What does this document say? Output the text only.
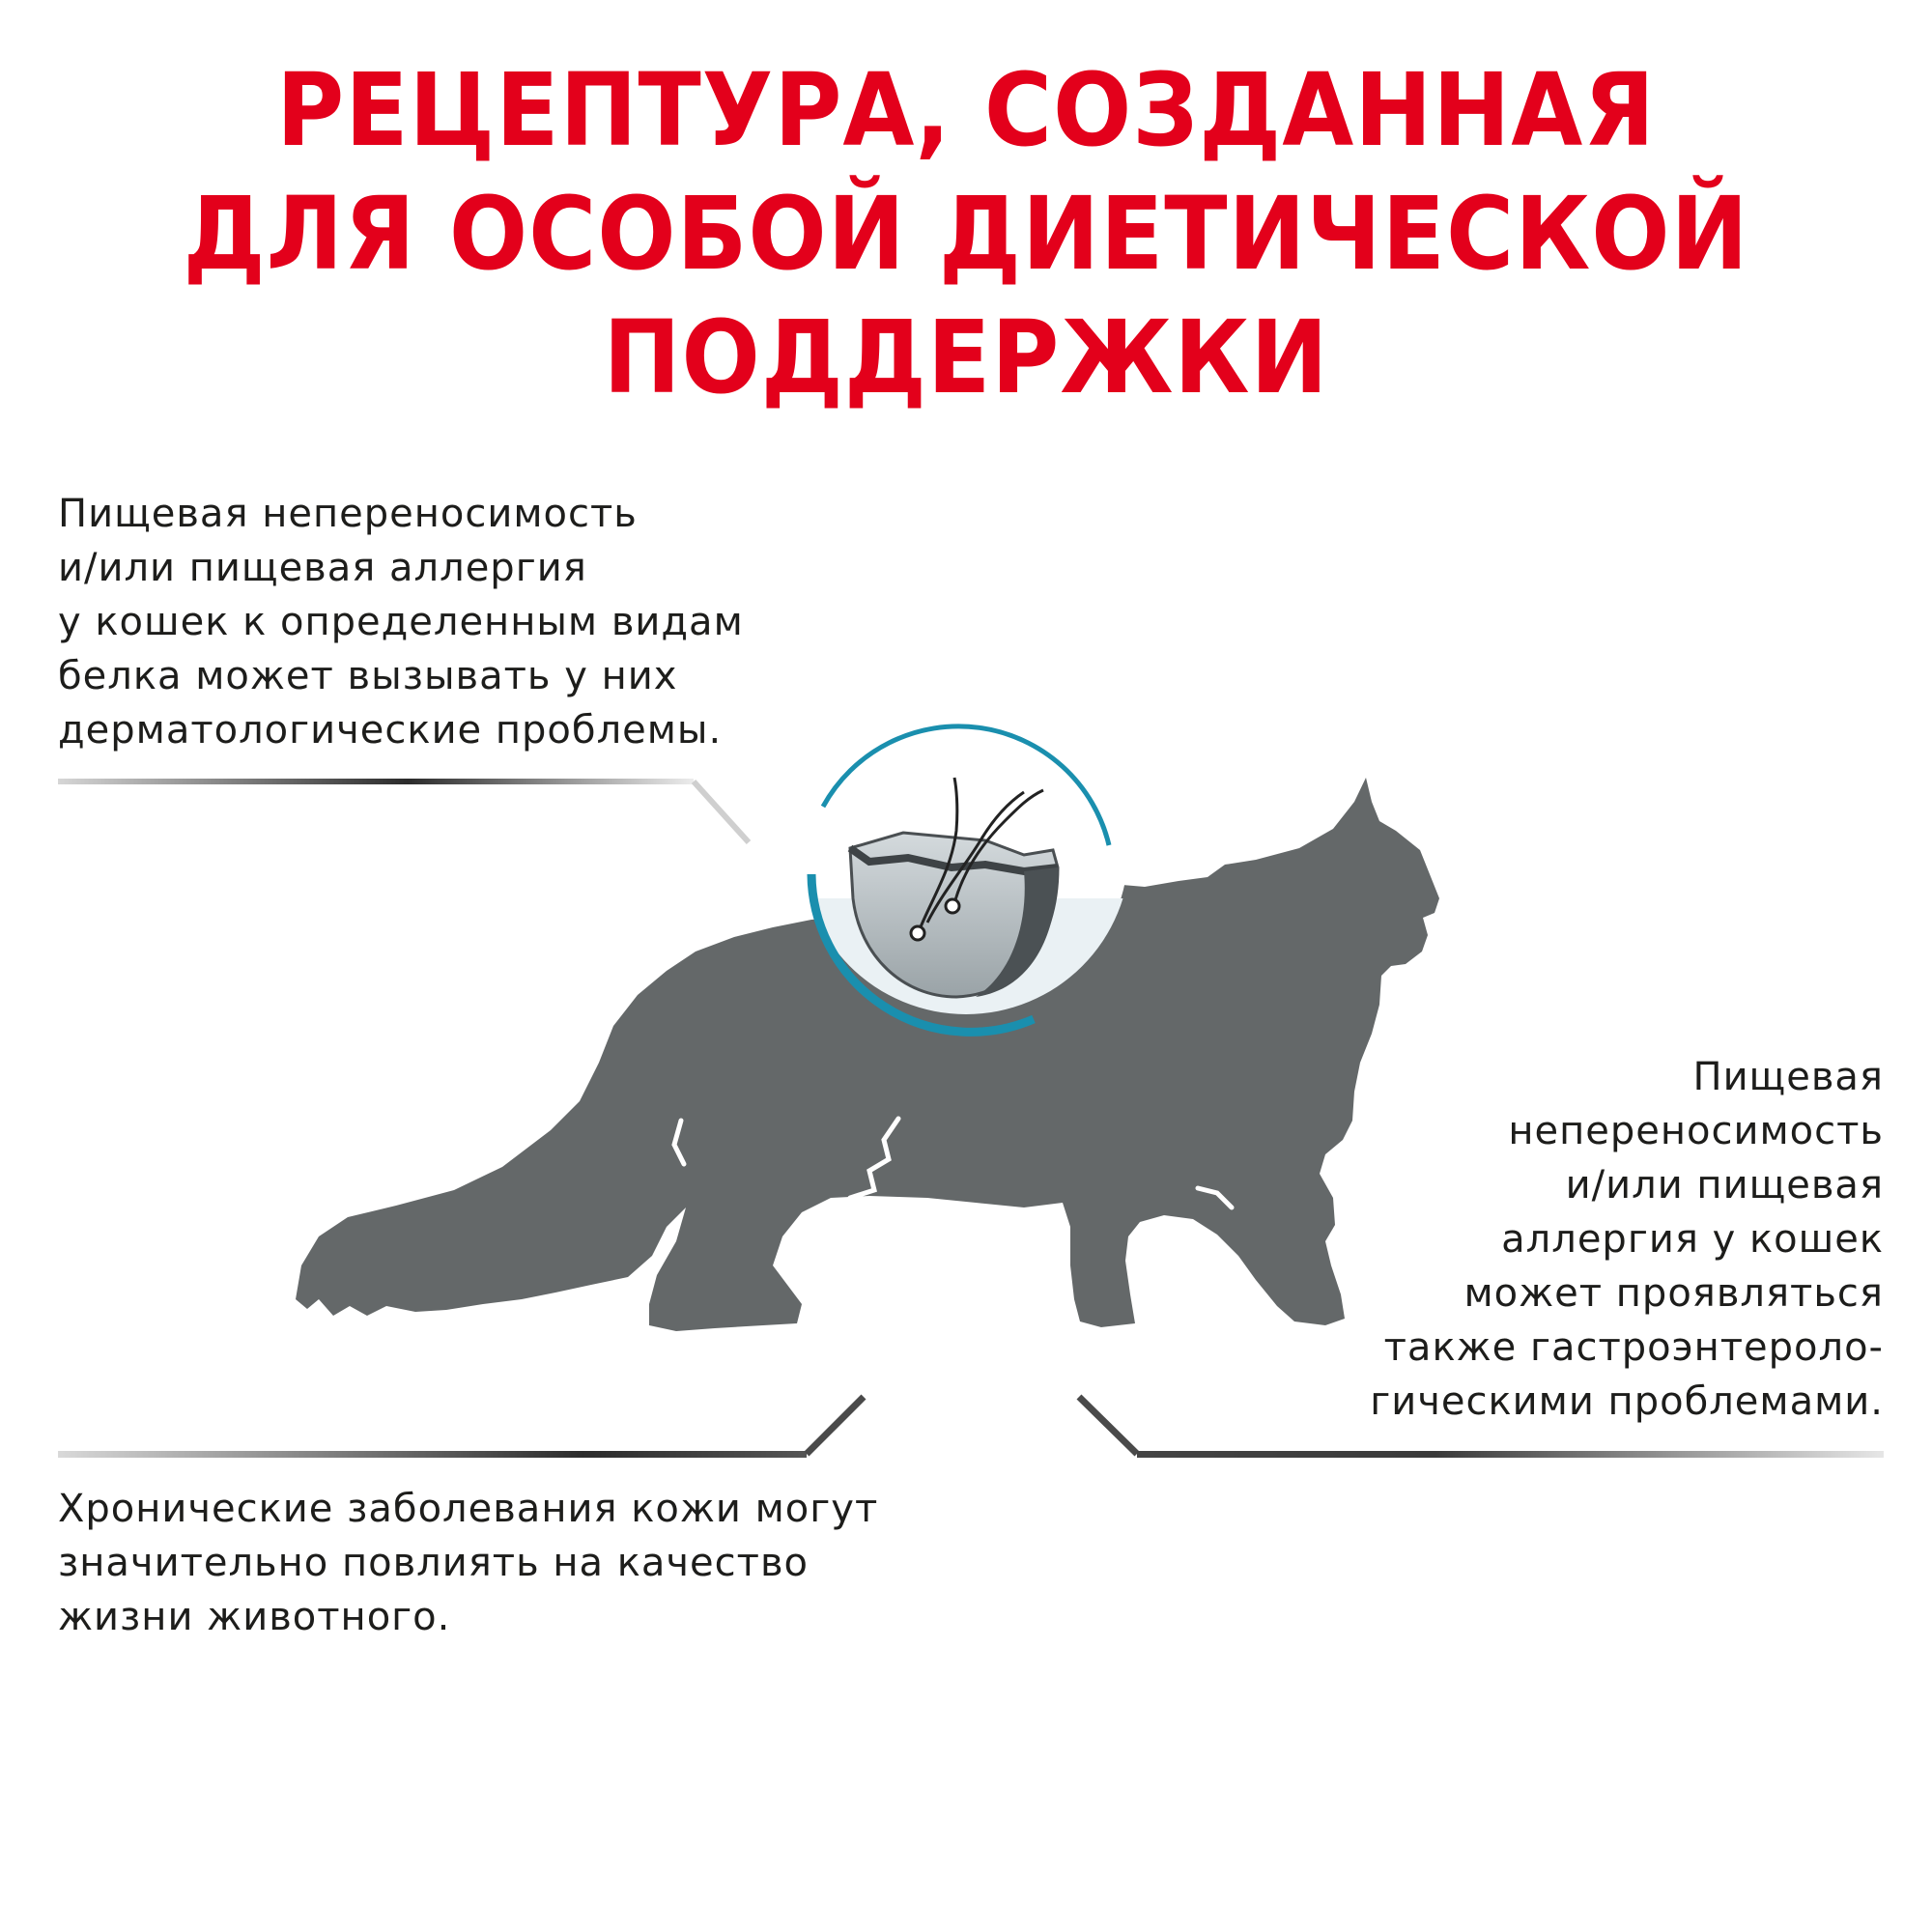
РЕЦЕПТУРА, СОЗДАННАЯ
ДЛЯ ОСОБОЙ ДИЕТИЧЕСКОЙ
ПОДДЕРЖКИ
Пищевая непереносимость
и/или пищевая аллергия
у кошек к определенным видам
белка может вызывать у них
дерматологические проблемы.
Пищевая
непереносимость
и/или пищевая
аллергия у кошек
может проявляться
также гастроэнтероло-
гическими проблемами.
Хронические заболевания кожи могут
значительно повлиять на качество
жизни животного.
